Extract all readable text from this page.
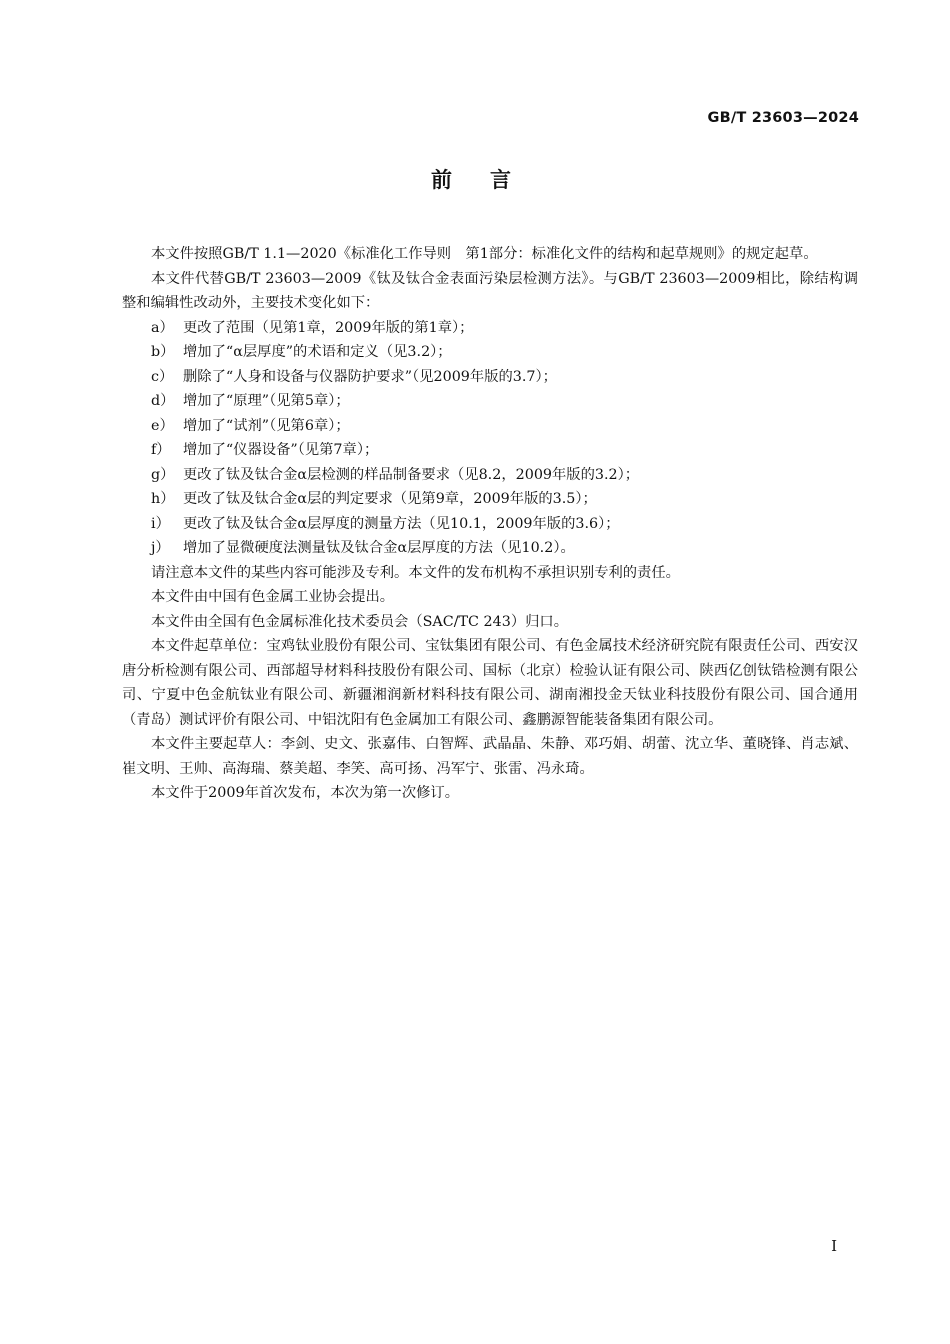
GB/T 23603—2024
前言

本文件按照GB/T 1.1—2020《标准化工作导则　第1部分：标准化文件的结构和起草规则》的规定起草。

本文件代替GB/T 23603—2009《钛及钛合金表面污染层检测方法》。与GB/T 23603—2009相比，除结构调整和编辑性改动外，主要技术变化如下：

a） 更改了范围（见第1章，2009年版的第1章）；

b） 增加了“α层厚度”的术语和定义（见3.2）；

c） 删除了“人身和设备与仪器防护要求”（见2009年版的3.7）；

d） 增加了“原理”（见第5章）；

e） 增加了“试剂”（见第6章）；

f） 增加了“仪器设备”（见第7章）；

g） 更改了钛及钛合金α层检测的样品制备要求（见8.2，2009年版的3.2）；

h） 更改了钛及钛合金α层的判定要求（见第9章，2009年版的3.5）；

i） 更改了钛及钛合金α层厚度的测量方法（见10.1，2009年版的3.6）；

j） 增加了显微硬度法测量钛及钛合金α层厚度的方法（见10.2）。

请注意本文件的某些内容可能涉及专利。本文件的发布机构不承担识别专利的责任。

本文件由中国有色金属工业协会提出。

本文件由全国有色金属标准化技术委员会（SAC/TC 243）归口。

本文件起草单位：宝鸡钛业股份有限公司、宝钛集团有限公司、有色金属技术经济研究院有限责任公司、西安汉唐分析检测有限公司、西部超导材料科技股份有限公司、国标（北京）检验认证有限公司、陕西亿创钛锆检测有限公司、宁夏中色金航钛业有限公司、新疆湘润新材料科技有限公司、湖南湘投金天钛业科技股份有限公司、国合通用（青岛）测试评价有限公司、中铝沈阳有色金属加工有限公司、鑫鹏源智能装备集团有限公司。

本文件主要起草人：李剑、史文、张嘉伟、白智辉、武晶晶、朱静、邓巧娟、胡蕾、沈立华、董晓锋、肖志斌、崔文明、王帅、高海瑞、蔡美超、李笑、高可扬、冯军宁、张雷、冯永琦。

本文件于2009年首次发布，本次为第一次修订。

I
